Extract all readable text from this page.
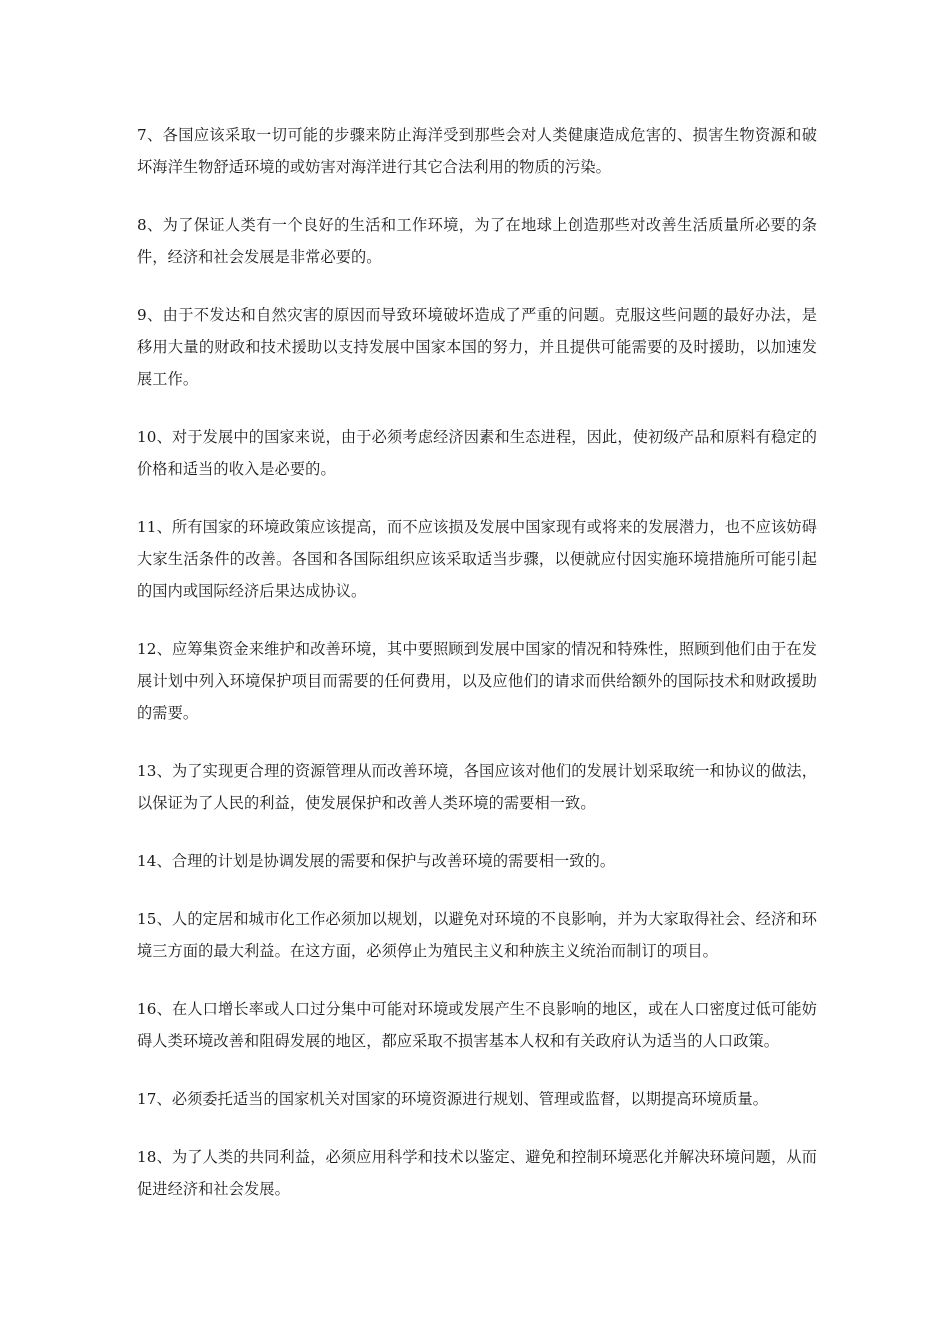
7、各国应该采取一切可能的步骤来防止海洋受到那些会对人类健康造成危害的、损害生物资源和破坏海洋生物舒适环境的或妨害对海洋进行其它合法利用的物质的污染。

8、为了保证人类有一个良好的生活和工作环境，为了在地球上创造那些对改善生活质量所必要的条件，经济和社会发展是非常必要的。

9、由于不发达和自然灾害的原因而导致环境破坏造成了严重的问题。克服这些问题的最好办法，是移用大量的财政和技术援助以支持发展中国家本国的努力，并且提供可能需要的及时援助，以加速发展工作。

10、对于发展中的国家来说，由于必须考虑经济因素和生态进程，因此，使初级产品和原料有稳定的价格和适当的收入是必要的。

11、所有国家的环境政策应该提高，而不应该损及发展中国家现有或将来的发展潜力，也不应该妨碍大家生活条件的改善。各国和各国际组织应该采取适当步骤，以便就应付因实施环境措施所可能引起的国内或国际经济后果达成协议。

12、应筹集资金来维护和改善环境，其中要照顾到发展中国家的情况和特殊性，照顾到他们由于在发展计划中列入环境保护项目而需要的任何费用，以及应他们的请求而供给额外的国际技术和财政援助的需要。

13、为了实现更合理的资源管理从而改善环境，各国应该对他们的发展计划采取统一和协议的做法，以保证为了人民的利益，使发展保护和改善人类环境的需要相一致。

14、合理的计划是协调发展的需要和保护与改善环境的需要相一致的。

15、人的定居和城市化工作必须加以规划，以避免对环境的不良影响，并为大家取得社会、经济和环境三方面的最大利益。在这方面，必须停止为殖民主义和种族主义统治而制订的项目。

16、在人口增长率或人口过分集中可能对环境或发展产生不良影响的地区，或在人口密度过低可能妨碍人类环境改善和阻碍发展的地区，都应采取不损害基本人权和有关政府认为适当的人口政策。

17、必须委托适当的国家机关对国家的环境资源进行规划、管理或监督，以期提高环境质量。

18、为了人类的共同利益，必须应用科学和技术以鉴定、避免和控制环境恶化并解决环境问题，从而促进经济和社会发展。
